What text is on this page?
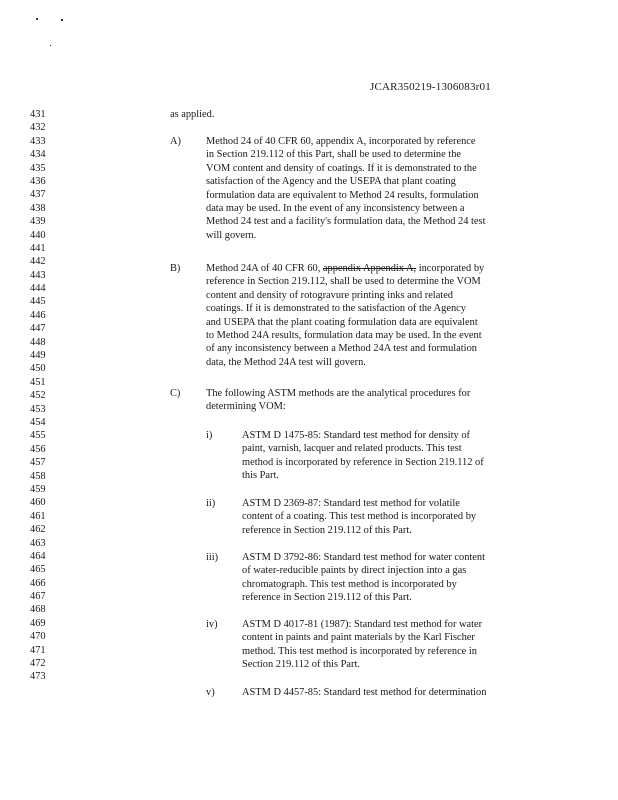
JCAR350219-1306083r01
431
432
433
434
435
436
437
438
439
440
441
442
443
444
445
446
447
448
449
450
451
452
453
454
455
456
457
458
459
460
461
462
463
464
465
466
467
468
469
470
471
472
473
as applied.
A) Method 24 of 40 CFR 60, appendix A, incorporated by reference
in Section 219.112 of this Part, shall be used to determine the
VOM content and density of coatings. If it is demonstrated to the
satisfaction of the Agency and the USEPA that plant coating
formulation data are equivalent to Method 24 results, formulation
data may be used. In the event of any inconsistency between a
Method 24 test and a facility's formulation data, the Method 24 test
will govern.
B) Method 24A of 40 CFR 60, appendix Appendix A, incorporated by
reference in Section 219.112, shall be used to determine the VOM
content and density of rotogravure printing inks and related
coatings. If it is demonstrated to the satisfaction of the Agency
and USEPA that the plant coating formulation data are equivalent
to Method 24A results, formulation data may be used. In the event
of any inconsistency between a Method 24A test and formulation
data, the Method 24A test will govern.
C) The following ASTM methods are the analytical procedures for
determining VOM:
i)	ASTM D 1475-85: Standard test method for density of
paint, varnish, lacquer and related products. This test
method is incorporated by reference in Section 219.112 of
this Part.
ii)	ASTM D 2369-87: Standard test method for volatile
content of a coating. This test method is incorporated by
reference in Section 219.112 of this Part.
iii) ASTM D 3792-86: Standard test method for water content
of water-reducible paints by direct injection into a gas
chromatograph. This test method is incorporated by
reference in Section 219.112 of this Part.
iv) ASTM D 4017-81 (1987): Standard test method for water
content in paints and paint materials by the Karl Fischer
method. This test method is incorporated by reference in
Section 219.112 of this Part.
v)	ASTM D 4457-85: Standard test method for determination
